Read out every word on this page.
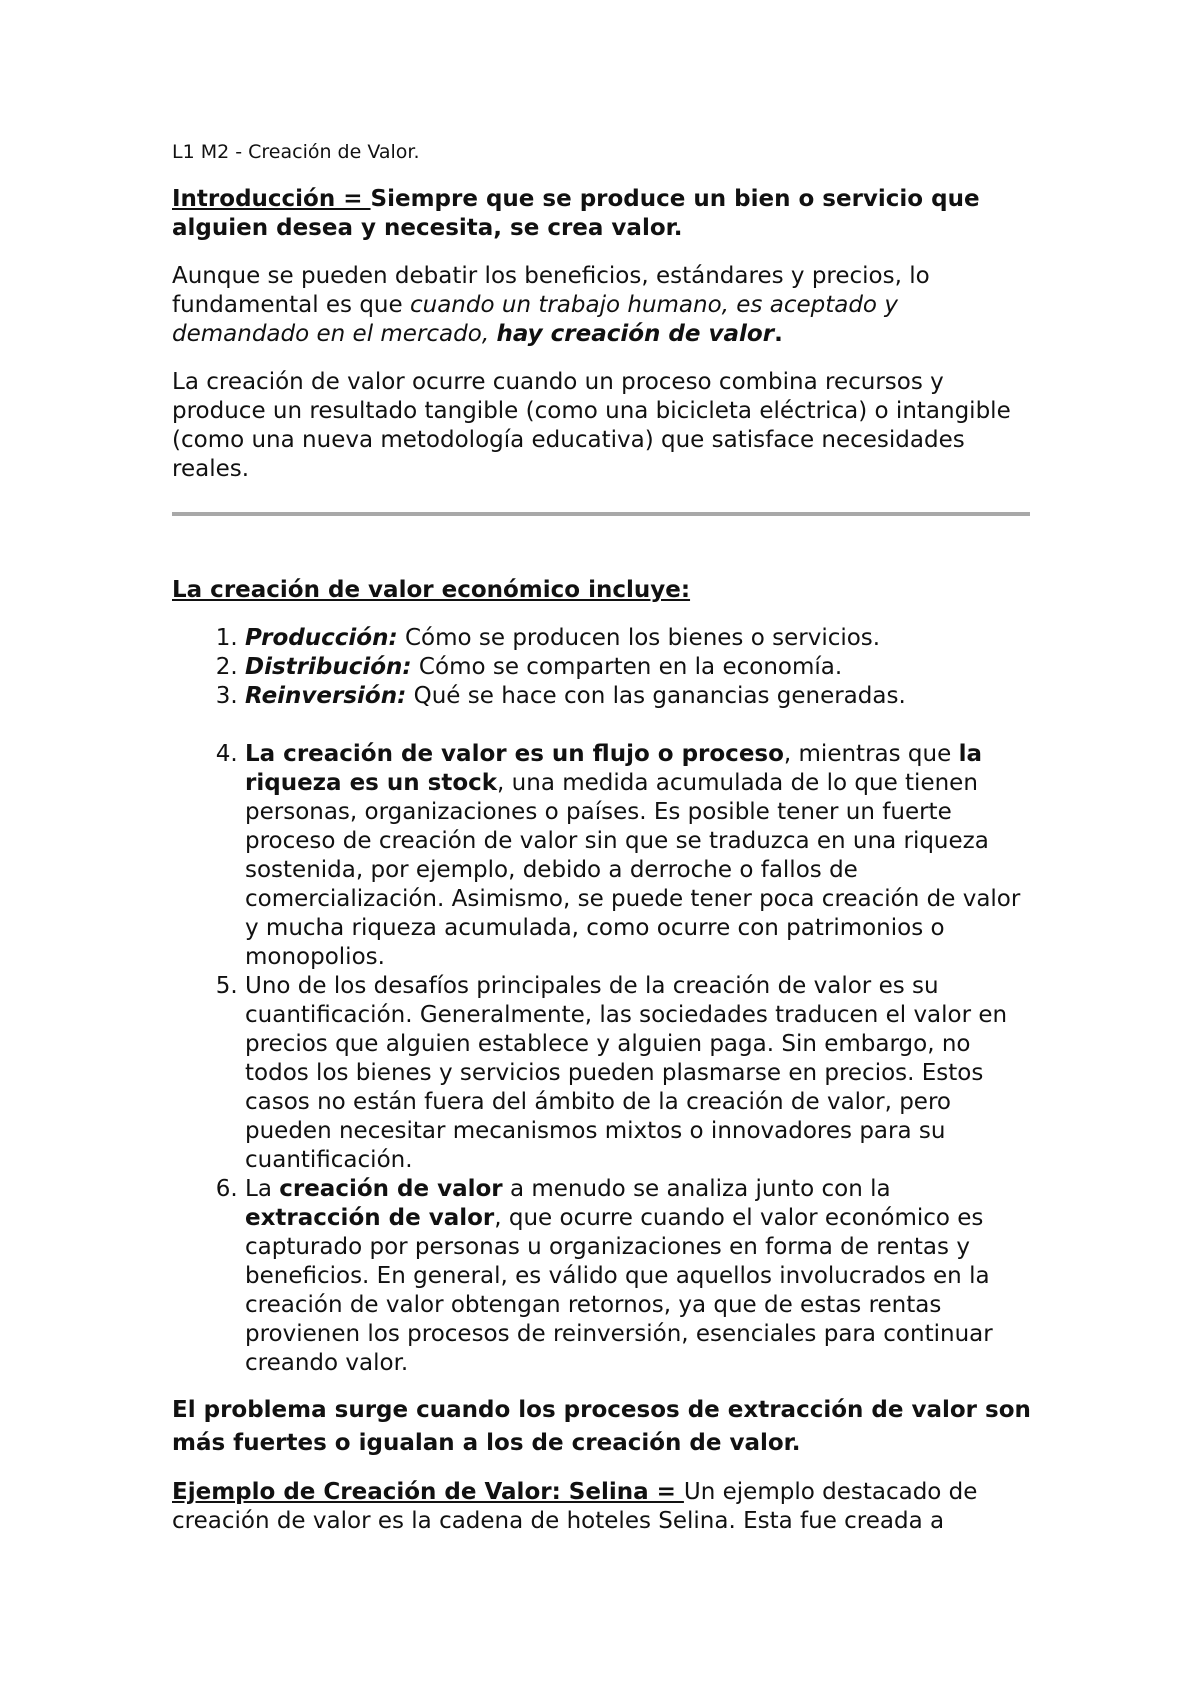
L1 M2 - Creación de Valor.

Introducción = Siempre que se produce un bien o servicio que alguien desea y necesita, se crea valor.

Aunque se pueden debatir los beneficios, estándares y precios, lo fundamental es que cuando un trabajo humano, es aceptado y demandado en el mercado, hay creación de valor.

La creación de valor ocurre cuando un proceso combina recursos y produce un resultado tangible (como una bicicleta eléctrica) o intangible (como una nueva metodología educativa) que satisface necesidades reales.

La creación de valor económico incluye:

1. Producción: Cómo se producen los bienes o servicios.
2. Distribución: Cómo se comparten en la economía.
3. Reinversión: Qué se hace con las ganancias generadas.
4. La creación de valor es un flujo o proceso, mientras que la riqueza es un stock, una medida acumulada de lo que tienen personas, organizaciones o países. Es posible tener un fuerte proceso de creación de valor sin que se traduzca en una riqueza sostenida, por ejemplo, debido a derroche o fallos de comercialización. Asimismo, se puede tener poca creación de valor y mucha riqueza acumulada, como ocurre con patrimonios o monopolios.
5. Uno de los desafíos principales de la creación de valor es su cuantificación. Generalmente, las sociedades traducen el valor en precios que alguien establece y alguien paga. Sin embargo, no todos los bienes y servicios pueden plasmarse en precios. Estos casos no están fuera del ámbito de la creación de valor, pero pueden necesitar mecanismos mixtos o innovadores para su cuantificación.
6. La creación de valor a menudo se analiza junto con la extracción de valor, que ocurre cuando el valor económico es capturado por personas u organizaciones en forma de rentas y beneficios. En general, es válido que aquellos involucrados en la creación de valor obtengan retornos, ya que de estas rentas provienen los procesos de reinversión, esenciales para continuar creando valor.

El problema surge cuando los procesos de extracción de valor son más fuertes o igualan a los de creación de valor.

Ejemplo de Creación de Valor: Selina = Un ejemplo destacado de creación de valor es la cadena de hoteles Selina. Esta fue creada a
